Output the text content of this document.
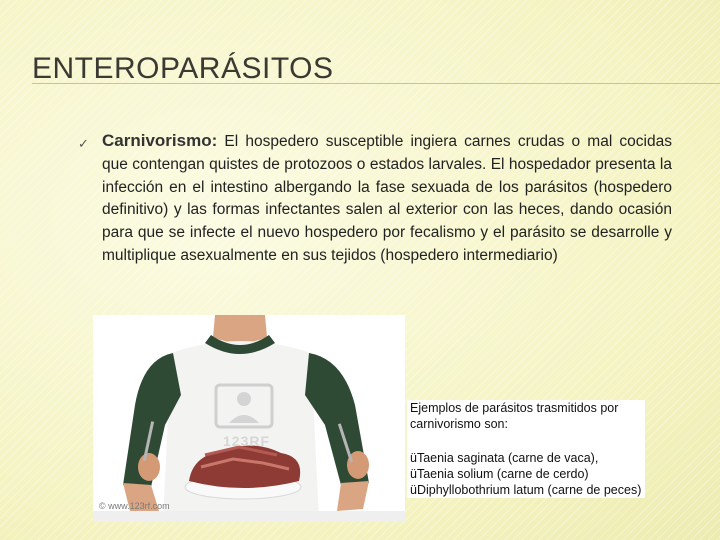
ENTEROPARÁSITOS
✓ Carnivorismo: El hospedero susceptible ingiera carnes crudas o mal cocidas que contengan quistes de protozoos o estados larvales. El hospedador presenta la infección en el intestino albergando la fase sexuada de los parásitos (hospedero definitivo) y las formas infectantes salen al exterior con las heces, dando ocasión para que se infecte el nuevo hospedero por fecalismo y el parásito se desarrolle y multiplique asexualmente en sus tejidos (hospedero intermediario)
123RF
© www.123rf.com

Ejemplos de parásitos trasmitidos por carnivorismo son:

üTaenia saginata (carne de vaca),

üTaenia solium (carne de cerdo)

üDiphyllobothrium latum (carne de peces)
